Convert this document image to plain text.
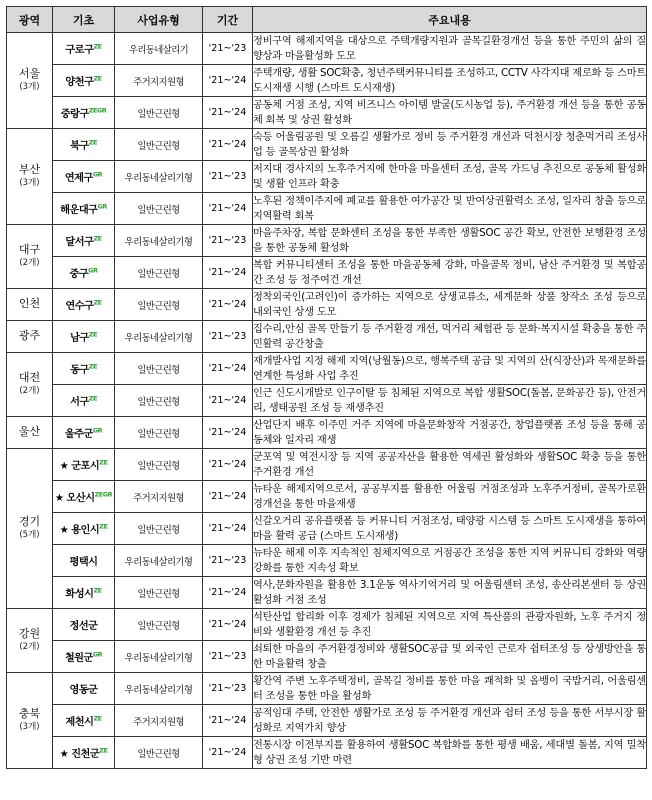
광역	기초	사업유형	기간	주요내용
서울
(3개)	구로구$^{ZE}$	우리동네살리기	'21~'23	정비구역 해제지역을 대상으로 주택개량지원과 골목길환경개선 등을 통한 주민의 삶의 질 향상과 마을활성화 도모
	양천구$^{ZE}$	주거지지원형	'21~'24	주택개량, 생활 SOC확충, 청년주택커뮤니티를 조성하고, CCTV 사각지대 제로화 등 스마트 도시재생 시행 (스마트 도시재생)
	중랑구$^{ZEGR}$	일반근린형	'21~'24	공동체 거점 조성, 지역 비즈니스 아이템 발굴(도시농업 등), 주거환경 개선 등을 통한 공동체 회복 및 상권 활성화
부산
(3개)	북구$^{ZE}$	일반근린형	'21~'24	숙등 어울림공원 및 오름길 생활가로 정비 등 주거환경 개선과 덕천시장 청춘먹거리 조성사업 등 골목상권 활성화
	연제구$^{GR}$	우리동네살리기형	'21~'23	저지대 경사지의 노후주거지에 한마을 마을센터 조성, 골목 가드닝 추진으로 공동체 활성화 및 생활 인프라 확충
	해운대구$^{GR}$	일반근린형	'21~'24	노후된 정책이주지에 폐교를 활용한 여가공간 및 반여상권활력소 조성, 일자리 창출 등으로 지역활력 회복
대구
(2개)	달서구$^{ZE}$	우리동네살리기형	'21~'23	마을주차장, 복합 문화센터 조성을 통한 부족한 생활SOC 공간 확보, 안전한 보행환경 조성을 통한 공동체 활성화
	중구$^{GR}$	일반근린형	'21~'24	복합 커뮤니티센터 조성을 통한 마을공동체 강화, 마을골목 정비, 남산 주거환경 및 복합공간 조성 등 정주여건 개선
인천	연수구$^{ZE}$	일반근린형	'21~'24	정착외국인(고려인)이 증가하는 지역으로 상생교류소, 세계문화 상품 창작소 조성 등으로 내외국인 상생 도모
광주	남구$^{ZE}$	우리동네살리기형	'21~'23	집수리,안심 골목 만들기 등 주거환경 개선, 먹거리 체험관 등 문화·복지시설 확충을 통한 주민활력 공간창출
대전
(2개)	동구$^{ZE}$	일반근린형	'21~'24	재개발사업 지정 해제 지역(낭월동)으로, 행복주택 공급 및 지역의 산(식장산)과 목재문화를 연계한 특성화 사업 추진
	서구$^{ZE}$	일반근린형	'21~'24	인근 신도시개발로 인구이탈 등 침체된 지역으로 복합 생활SOC(돌봄, 문화공간 등), 안전거리, 생태공원 조성 등 재생추진
울산	울주군$^{GR}$	일반근린형	'21~'24	산업단지 배후 이주민 거주 지역에 마을문화창작 거점공간, 창업플랫폼 조성 등을 통해 공동체와 일자리 재생
경기
(5개)	★ 군포시$^{ZE}$	일반근린형	'21~'24	군포역 및 역전시장 등 지역 공공자산을 활용한 역세권 활성화와 생활SOC 확충 등을 통한 주거환경 개선
	★ 오산시$^{ZEGR}$	주거지지원형	'21~'24	뉴타운 해제지역으로서, 공공부지를 활용한 어울림 거점조성과 노후주거정비, 골목가로환경개선을 통한 마을재생
	★ 용인시$^{ZE}$	일반근린형	'21~'24	신갈오거리 공유플랫폼 등 커뮤니티 거점조성, 태양광 시스템 등 스마트 도시재생을 통하여 마을 활력 공급 (스마트 도시재생)
	평택시	우리동네살리기형	'21~'23	뉴타운 해제 이후 지속적인 침체지역으로 거점공간 조성을 통한 지역 커뮤니티 강화와 역량강화를 통한 지속성 확보
	화성시$^{ZE}$	일반근린형	'21~'24	역사,문화자원을 활용한 3.1운동 역사기억거리 및 어울림센터 조성, 송산리본센터 등 상권 활성화 거점 조성
강원
(2개)	정선군	일반근린형	'21~'24	석탄산업 합리화 이후 경제가 침체된 지역으로 지역 특산품의 관광자원화, 노후 주거지 정비와 생활환경 개선 등 추진
	철원군$^{GR}$	우리동네살리기형	'21~'23	쇠퇴한 마을의 주거환경정비와 생활SOC공급 및 외국인 근로자 쉼터조성 등 상생방안을 통한 마을활력 창출
충북
(3개)	영동군	우리동네살리기형	'21~'23	황간역 주변 노후주택정비, 골목길 정비를 통한 마을 쾌적화 및 올뱅이 국밥거리, 어울림센터 조성을 통한 마을 활성화
	제천시$^{ZE}$	주거지지원형	'21~'24	공적임대 주택, 안전한 생활가로 조성 등 주거환경 개선과 쉼터 조성 등을 통한 서부시장 활성화로 지역가치 향상
	★ 진천군$^{ZE}$	일반근린형	'21~'24	전통시장 이전부지를 활용하여 생활SOC 복합화를 통한 평생 배움, 세대별 돌봄, 지역 밀착형 상권 조성 기반 마련
